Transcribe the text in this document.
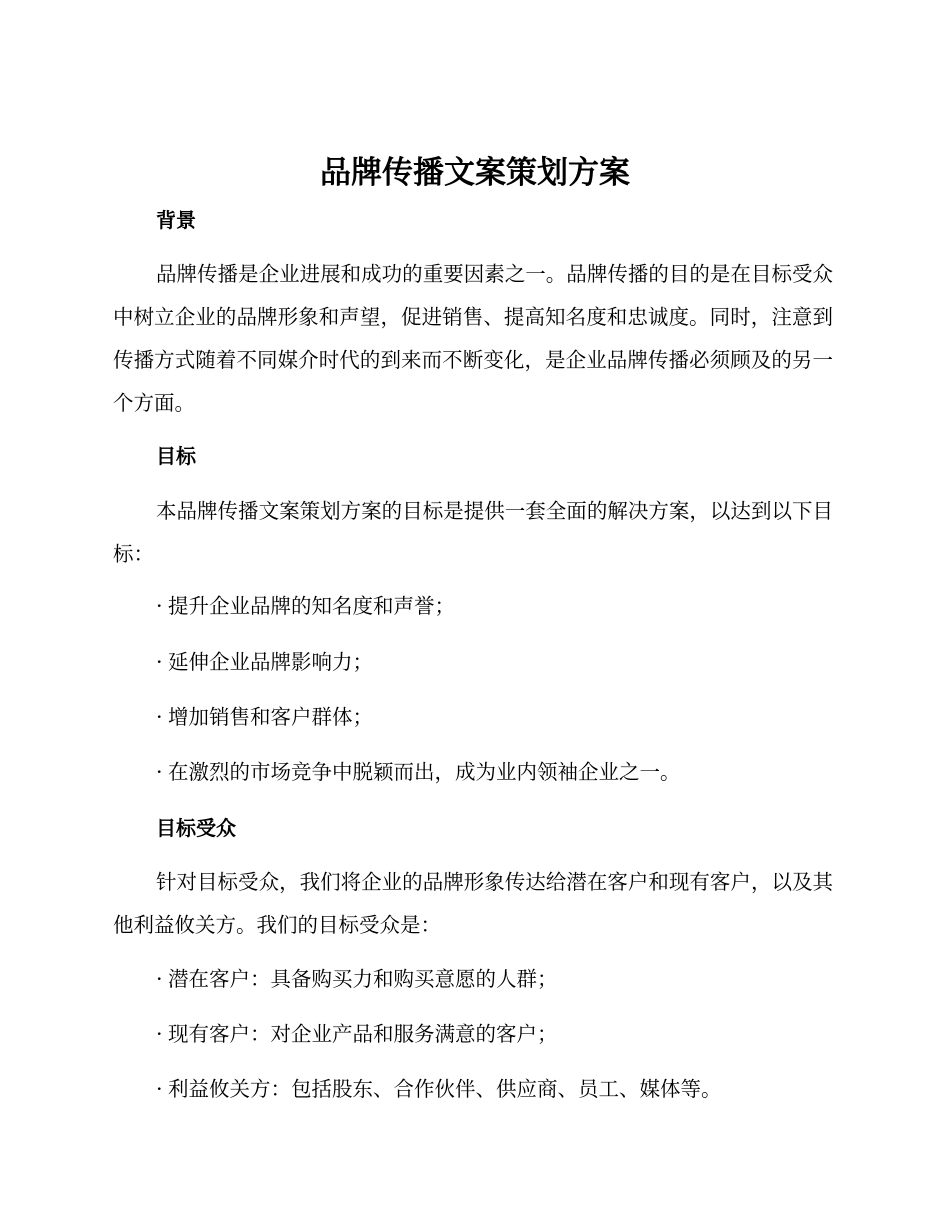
品牌传播文案策划方案
背景

品牌传播是企业进展和成功的重要因素之一。品牌传播的目的是在目标受众中树立企业的品牌形象和声望，促进销售、提高知名度和忠诚度。同时，注意到传播方式随着不同媒介时代的到来而不断变化，是企业品牌传播必须顾及的另一个方面。

目标

本品牌传播文案策划方案的目标是提供一套全面的解决方案，以达到以下目标：

· 提升企业品牌的知名度和声誉；
· 延伸企业品牌影响力；
· 增加销售和客户群体；
· 在激烈的市场竞争中脱颖而出，成为业内领袖企业之一。
目标受众

针对目标受众，我们将企业的品牌形象传达给潜在客户和现有客户，以及其他利益攸关方。我们的目标受众是：

· 潜在客户：具备购买力和购买意愿的人群；
· 现有客户：对企业产品和服务满意的客户；
· 利益攸关方：包括股东、合作伙伴、供应商、员工、媒体等。
